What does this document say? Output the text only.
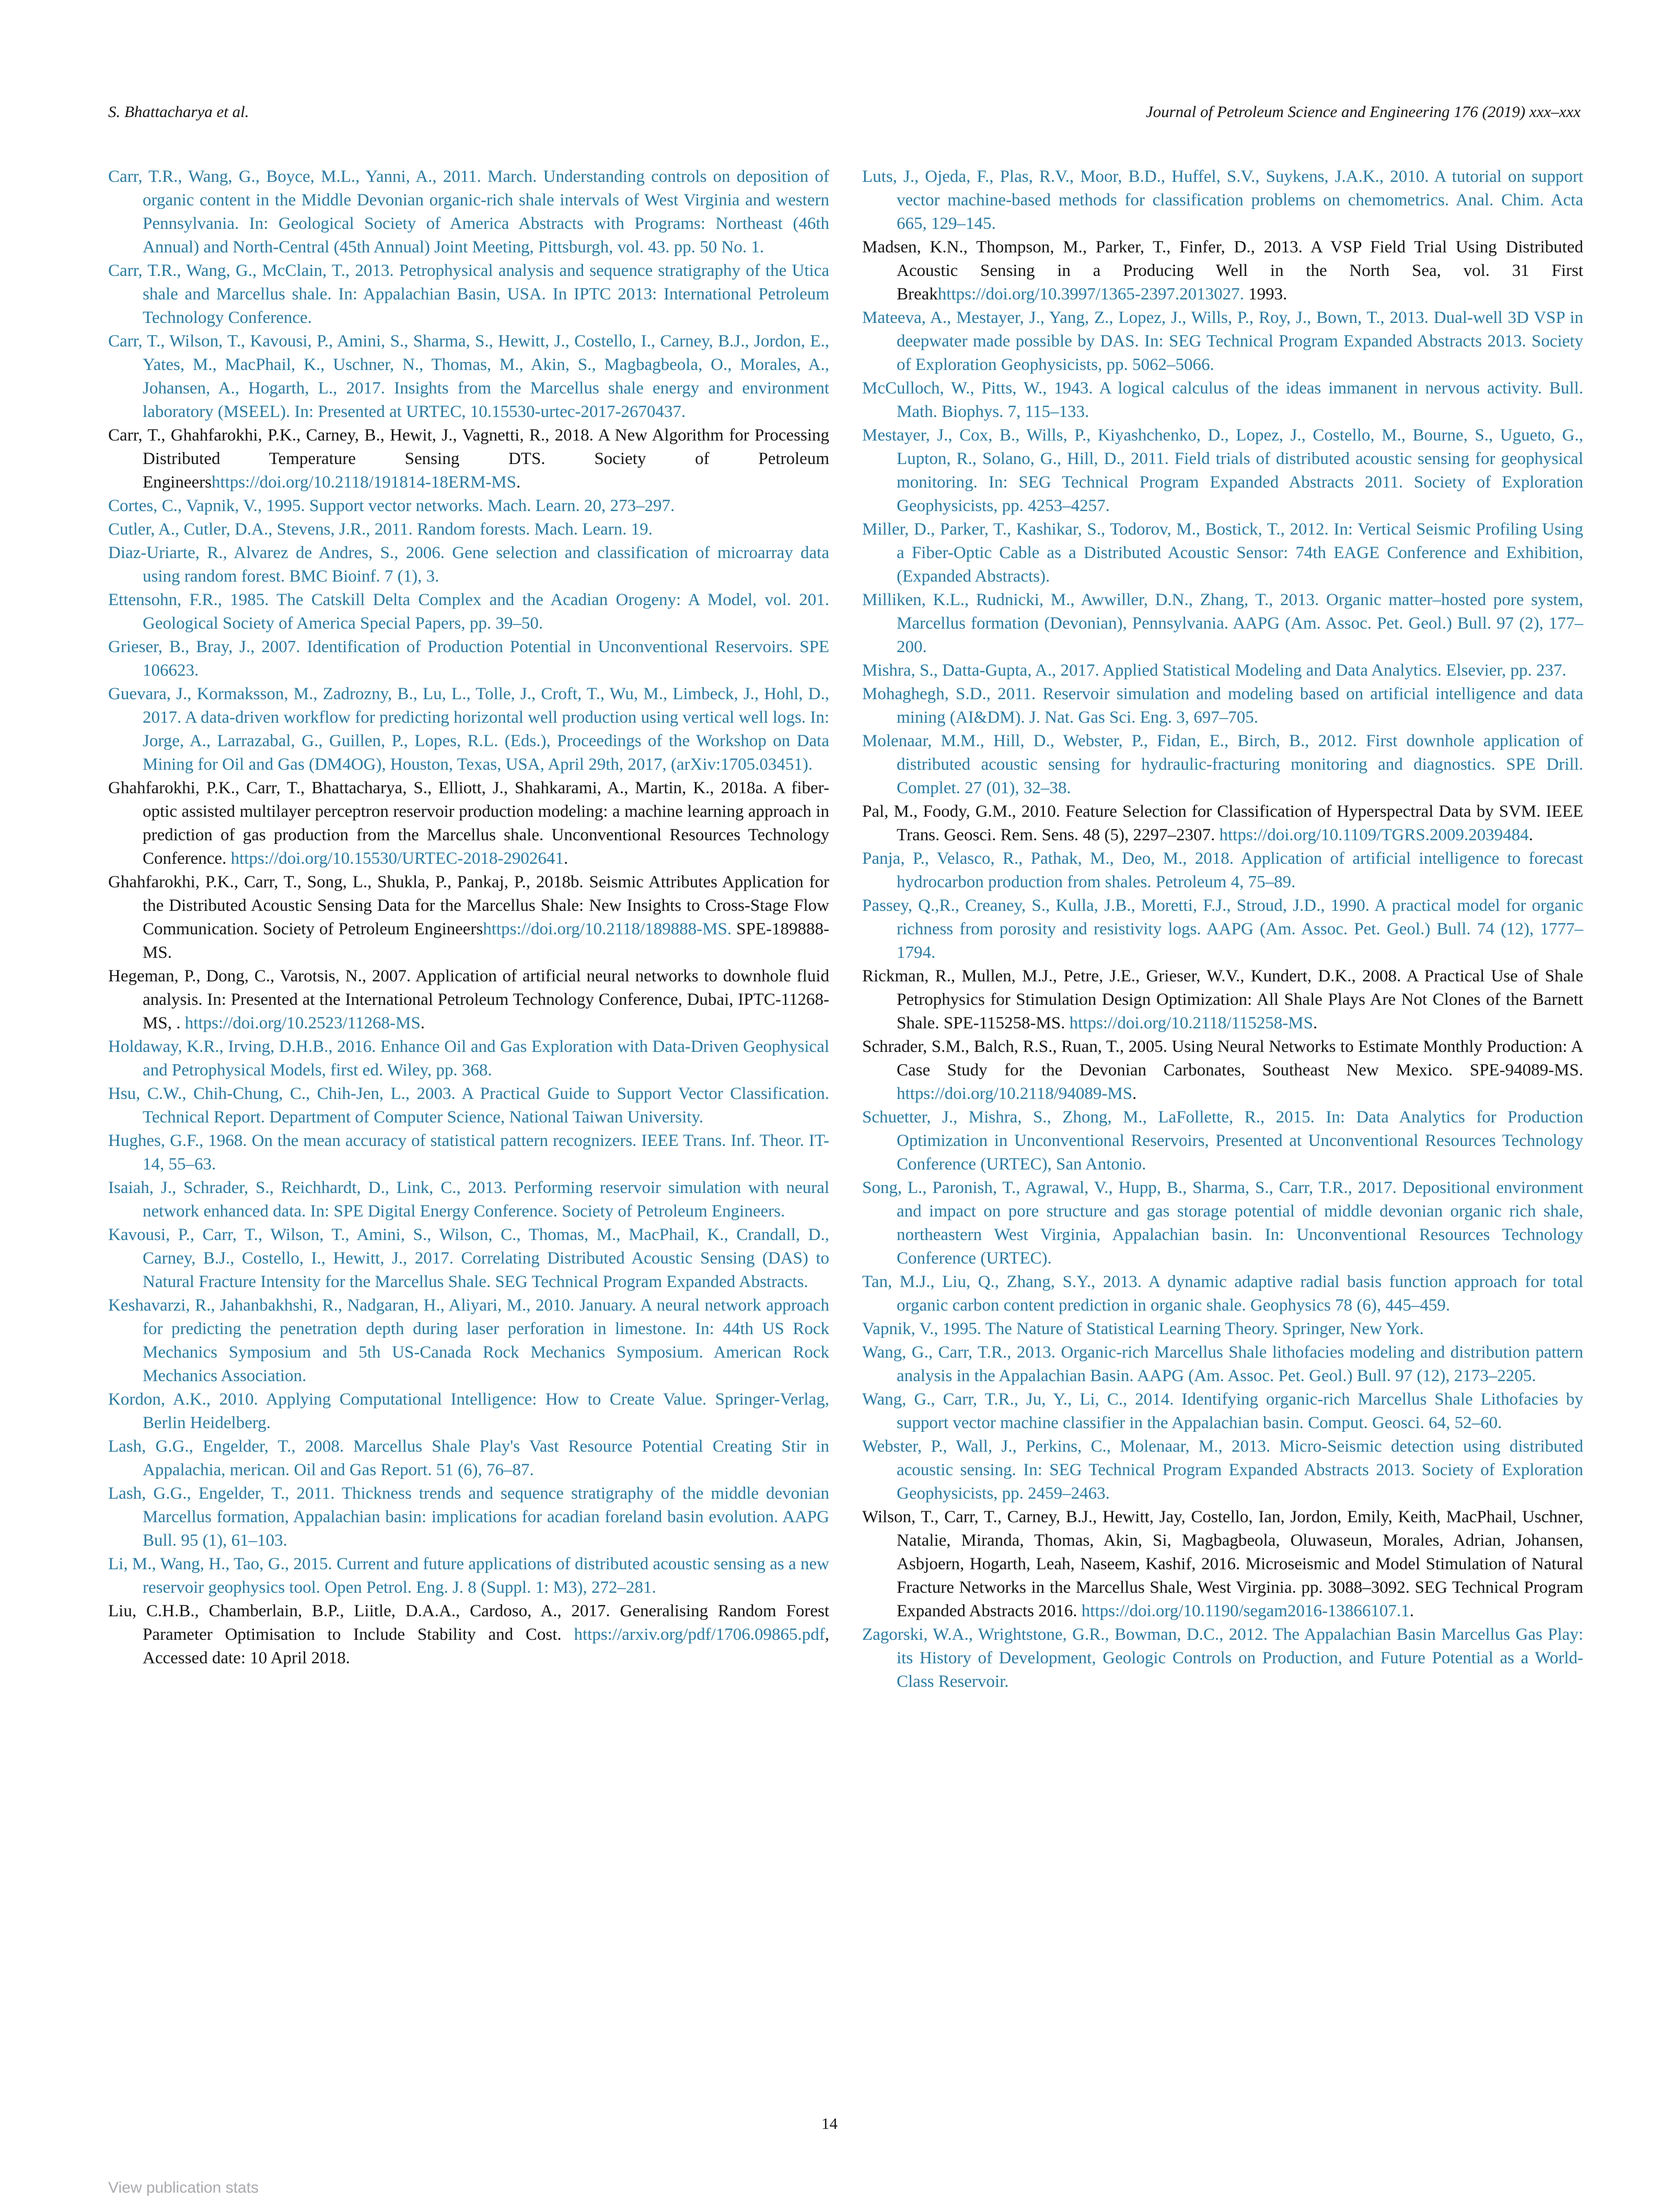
S. Bhattacharya et al.	Journal of Petroleum Science and Engineering 176 (2019) xxx–xxx

Carr, T.R., Wang, G., Boyce, M.L., Yanni, A., 2011. March. Understanding controls on deposition of organic content in the Middle Devonian organic-rich shale intervals of West Virginia and western Pennsylvania. In: Geological Society of America Abstracts with Programs: Northeast (46th Annual) and North-Central (45th Annual) Joint Meeting, Pittsburgh, vol. 43. pp. 50 No. 1.

Carr, T.R., Wang, G., McClain, T., 2013. Petrophysical analysis and sequence stratigraphy of the Utica shale and Marcellus shale. In: Appalachian Basin, USA. In IPTC 2013: International Petroleum Technology Conference.

Carr, T., Wilson, T., Kavousi, P., Amini, S., Sharma, S., Hewitt, J., Costello, I., Carney, B.J., Jordon, E., Yates, M., MacPhail, K., Uschner, N., Thomas, M., Akin, S., Magbagbeola, O., Morales, A., Johansen, A., Hogarth, L., 2017. Insights from the Marcellus shale energy and environment laboratory (MSEEL). In: Presented at URTEC, 10.15530-urtec-2017-2670437.

Carr, T., Ghahfarokhi, P.K., Carney, B., Hewit, J., Vagnetti, R., 2018. A New Algorithm for Processing Distributed Temperature Sensing DTS. Society of Petroleum Engineershttps://doi.org/10.2118/191814-18ERM-MS.

Cortes, C., Vapnik, V., 1995. Support vector networks. Mach. Learn. 20, 273–297.

Cutler, A., Cutler, D.A., Stevens, J.R., 2011. Random forests. Mach. Learn. 19.

Diaz-Uriarte, R., Alvarez de Andres, S., 2006. Gene selection and classification of microarray data using random forest. BMC Bioinf. 7 (1), 3.

Ettensohn, F.R., 1985. The Catskill Delta Complex and the Acadian Orogeny: A Model, vol. 201. Geological Society of America Special Papers, pp. 39–50.

Grieser, B., Bray, J., 2007. Identification of Production Potential in Unconventional Reservoirs. SPE 106623.

Guevara, J., Kormaksson, M., Zadrozny, B., Lu, L., Tolle, J., Croft, T., Wu, M., Limbeck, J., Hohl, D., 2017. A data-driven workflow for predicting horizontal well production using vertical well logs. In: Jorge, A., Larrazabal, G., Guillen, P., Lopes, R.L. (Eds.), Proceedings of the Workshop on Data Mining for Oil and Gas (DM4OG), Houston, Texas, USA, April 29th, 2017, (arXiv:1705.03451).

Ghahfarokhi, P.K., Carr, T., Bhattacharya, S., Elliott, J., Shahkarami, A., Martin, K., 2018a. A fiber-optic assisted multilayer perceptron reservoir production modeling: a machine learning approach in prediction of gas production from the Marcellus shale. Unconventional Resources Technology Conference. https://doi.org/10.15530/URTEC-2018-2902641.

Ghahfarokhi, P.K., Carr, T., Song, L., Shukla, P., Pankaj, P., 2018b. Seismic Attributes Application for the Distributed Acoustic Sensing Data for the Marcellus Shale: New Insights to Cross-Stage Flow Communication. Society of Petroleum Engineershttps://doi.org/10.2118/189888-MS. SPE-189888-MS.

Hegeman, P., Dong, C., Varotsis, N., 2007. Application of artificial neural networks to downhole fluid analysis. In: Presented at the International Petroleum Technology Conference, Dubai, IPTC-11268-MS, . https://doi.org/10.2523/11268-MS.

Holdaway, K.R., Irving, D.H.B., 2016. Enhance Oil and Gas Exploration with Data-Driven Geophysical and Petrophysical Models, first ed. Wiley, pp. 368.

Hsu, C.W., Chih-Chung, C., Chih-Jen, L., 2003. A Practical Guide to Support Vector Classification. Technical Report. Department of Computer Science, National Taiwan University.

Hughes, G.F., 1968. On the mean accuracy of statistical pattern recognizers. IEEE Trans. Inf. Theor. IT-14, 55–63.

Isaiah, J., Schrader, S., Reichhardt, D., Link, C., 2013. Performing reservoir simulation with neural network enhanced data. In: SPE Digital Energy Conference. Society of Petroleum Engineers.

Kavousi, P., Carr, T., Wilson, T., Amini, S., Wilson, C., Thomas, M., MacPhail, K., Crandall, D., Carney, B.J., Costello, I., Hewitt, J., 2017. Correlating Distributed Acoustic Sensing (DAS) to Natural Fracture Intensity for the Marcellus Shale. SEG Technical Program Expanded Abstracts.

Keshavarzi, R., Jahanbakhshi, R., Nadgaran, H., Aliyari, M., 2010. January. A neural network approach for predicting the penetration depth during laser perforation in limestone. In: 44th US Rock Mechanics Symposium and 5th US-Canada Rock Mechanics Symposium. American Rock Mechanics Association.

Kordon, A.K., 2010. Applying Computational Intelligence: How to Create Value. Springer-Verlag, Berlin Heidelberg.

Lash, G.G., Engelder, T., 2008. Marcellus Shale Play's Vast Resource Potential Creating Stir in Appalachia, merican. Oil and Gas Report. 51 (6), 76–87.

Lash, G.G., Engelder, T., 2011. Thickness trends and sequence stratigraphy of the middle devonian Marcellus formation, Appalachian basin: implications for acadian foreland basin evolution. AAPG Bull. 95 (1), 61–103.

Li, M., Wang, H., Tao, G., 2015. Current and future applications of distributed acoustic sensing as a new reservoir geophysics tool. Open Petrol. Eng. J. 8 (Suppl. 1: M3), 272–281.

Liu, C.H.B., Chamberlain, B.P., Liitle, D.A.A., Cardoso, A., 2017. Generalising Random Forest Parameter Optimisation to Include Stability and Cost. https://arxiv.org/pdf/1706.09865.pdf, Accessed date: 10 April 2018.

Luts, J., Ojeda, F., Plas, R.V., Moor, B.D., Huffel, S.V., Suykens, J.A.K., 2010. A tutorial on support vector machine-based methods for classification problems on chemometrics. Anal. Chim. Acta 665, 129–145.

Madsen, K.N., Thompson, M., Parker, T., Finfer, D., 2013. A VSP Field Trial Using Distributed Acoustic Sensing in a Producing Well in the North Sea, vol. 31 First Breakhttps://doi.org/10.3997/1365-2397.2013027. 1993.

Mateeva, A., Mestayer, J., Yang, Z., Lopez, J., Wills, P., Roy, J., Bown, T., 2013. Dual-well 3D VSP in deepwater made possible by DAS. In: SEG Technical Program Expanded Abstracts 2013. Society of Exploration Geophysicists, pp. 5062–5066.

McCulloch, W., Pitts, W., 1943. A logical calculus of the ideas immanent in nervous activity. Bull. Math. Biophys. 7, 115–133.

Mestayer, J., Cox, B., Wills, P., Kiyashchenko, D., Lopez, J., Costello, M., Bourne, S., Ugueto, G., Lupton, R., Solano, G., Hill, D., 2011. Field trials of distributed acoustic sensing for geophysical monitoring. In: SEG Technical Program Expanded Abstracts 2011. Society of Exploration Geophysicists, pp. 4253–4257.

Miller, D., Parker, T., Kashikar, S., Todorov, M., Bostick, T., 2012. In: Vertical Seismic Profiling Using a Fiber-Optic Cable as a Distributed Acoustic Sensor: 74th EAGE Conference and Exhibition, (Expanded Abstracts).

Milliken, K.L., Rudnicki, M., Awwiller, D.N., Zhang, T., 2013. Organic matter–hosted pore system, Marcellus formation (Devonian), Pennsylvania. AAPG (Am. Assoc. Pet. Geol.) Bull. 97 (2), 177–200.

Mishra, S., Datta-Gupta, A., 2017. Applied Statistical Modeling and Data Analytics. Elsevier, pp. 237.

Mohaghegh, S.D., 2011. Reservoir simulation and modeling based on artificial intelligence and data mining (AI&DM). J. Nat. Gas Sci. Eng. 3, 697–705.

Molenaar, M.M., Hill, D., Webster, P., Fidan, E., Birch, B., 2012. First downhole application of distributed acoustic sensing for hydraulic-fracturing monitoring and diagnostics. SPE Drill. Complet. 27 (01), 32–38.

Pal, M., Foody, G.M., 2010. Feature Selection for Classification of Hyperspectral Data by SVM. IEEE Trans. Geosci. Rem. Sens. 48 (5), 2297–2307. https://doi.org/10.1109/TGRS.2009.2039484.

Panja, P., Velasco, R., Pathak, M., Deo, M., 2018. Application of artificial intelligence to forecast hydrocarbon production from shales. Petroleum 4, 75–89.

Passey, Q.,R., Creaney, S., Kulla, J.B., Moretti, F.J., Stroud, J.D., 1990. A practical model for organic richness from porosity and resistivity logs. AAPG (Am. Assoc. Pet. Geol.) Bull. 74 (12), 1777–1794.

Rickman, R., Mullen, M.J., Petre, J.E., Grieser, W.V., Kundert, D.K., 2008. A Practical Use of Shale Petrophysics for Stimulation Design Optimization: All Shale Plays Are Not Clones of the Barnett Shale. SPE-115258-MS. https://doi.org/10.2118/115258-MS.

Schrader, S.M., Balch, R.S., Ruan, T., 2005. Using Neural Networks to Estimate Monthly Production: A Case Study for the Devonian Carbonates, Southeast New Mexico. SPE-94089-MS. https://doi.org/10.2118/94089-MS.

Schuetter, J., Mishra, S., Zhong, M., LaFollette, R., 2015. In: Data Analytics for Production Optimization in Unconventional Reservoirs, Presented at Unconventional Resources Technology Conference (URTEC), San Antonio.

Song, L., Paronish, T., Agrawal, V., Hupp, B., Sharma, S., Carr, T.R., 2017. Depositional environment and impact on pore structure and gas storage potential of middle devonian organic rich shale, northeastern West Virginia, Appalachian basin. In: Unconventional Resources Technology Conference (URTEC).

Tan, M.J., Liu, Q., Zhang, S.Y., 2013. A dynamic adaptive radial basis function approach for total organic carbon content prediction in organic shale. Geophysics 78 (6), 445–459.

Vapnik, V., 1995. The Nature of Statistical Learning Theory. Springer, New York.

Wang, G., Carr, T.R., 2013. Organic-rich Marcellus Shale lithofacies modeling and distribution pattern analysis in the Appalachian Basin. AAPG (Am. Assoc. Pet. Geol.) Bull. 97 (12), 2173–2205.

Wang, G., Carr, T.R., Ju, Y., Li, C., 2014. Identifying organic-rich Marcellus Shale Lithofacies by support vector machine classifier in the Appalachian basin. Comput. Geosci. 64, 52–60.

Webster, P., Wall, J., Perkins, C., Molenaar, M., 2013. Micro-Seismic detection using distributed acoustic sensing. In: SEG Technical Program Expanded Abstracts 2013. Society of Exploration Geophysicists, pp. 2459–2463.

Wilson, T., Carr, T., Carney, B.J., Hewitt, Jay, Costello, Ian, Jordon, Emily, Keith, MacPhail, Uschner, Natalie, Miranda, Thomas, Akin, Si, Magbagbeola, Oluwaseun, Morales, Adrian, Johansen, Asbjoern, Hogarth, Leah, Naseem, Kashif, 2016. Microseismic and Model Stimulation of Natural Fracture Networks in the Marcellus Shale, West Virginia. pp. 3088–3092. SEG Technical Program Expanded Abstracts 2016. https://doi.org/10.1190/segam2016-13866107.1.

Zagorski, W.A., Wrightstone, G.R., Bowman, D.C., 2012. The Appalachian Basin Marcellus Gas Play: its History of Development, Geologic Controls on Production, and Future Potential as a World-Class Reservoir.

14
View publication stats
